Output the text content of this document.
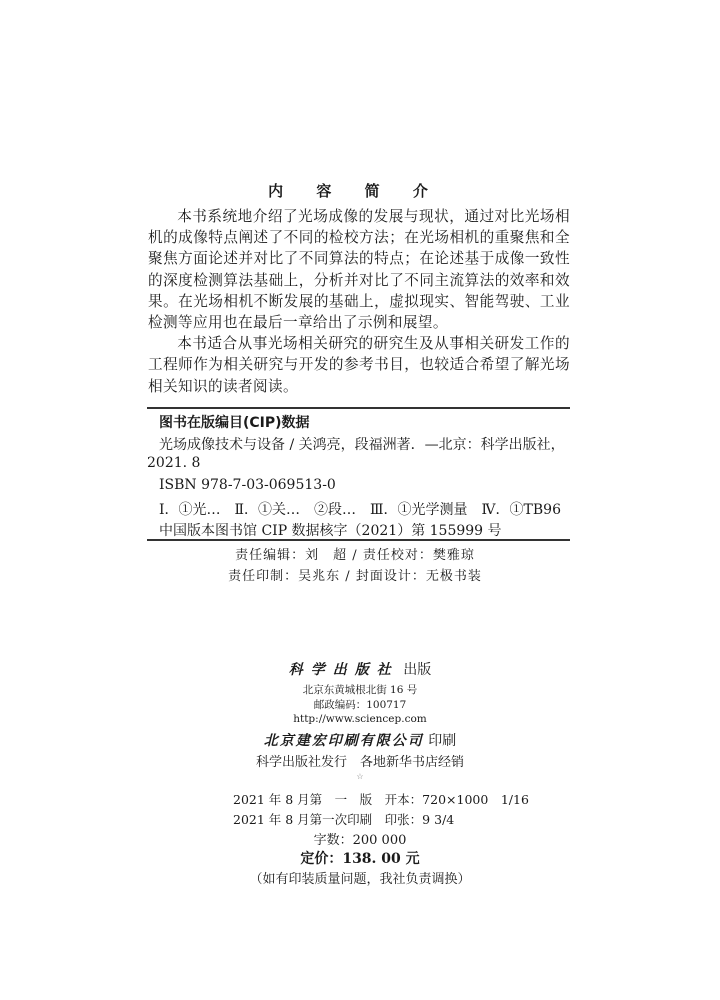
内 容 简 介

本书系统地介绍了光场成像的发展与现状，通过对比光场相机的成像特点阐述了不同的检校方法；在光场相机的重聚焦和全聚焦方面论述并对比了不同算法的特点；在论述基于成像一致性的深度检测算法基础上，分析并对比了不同主流算法的效率和效果。在光场相机不断发展的基础上，虚拟现实、智能驾驶、工业检测等应用也在最后一章给出了示例和展望。

本书适合从事光场相关研究的研究生及从事相关研发工作的工程师作为相关研究与开发的参考书目，也较适合希望了解光场相关知识的读者阅读。

图书在版编目(CIP)数据
光场成像技术与设备 / 关鸿亮，段福洲著．—北京：科学出版社，
2021. 8
ISBN 978-7-03-069513-0
Ⅰ．①光…　Ⅱ．①关…　②段…　Ⅲ．①光学测量　Ⅳ．①TB96
中国版本图书馆 CIP 数据核字（2021）第 155999 号
责任编辑：刘　超 / 责任校对：樊雅琼
责任印制：吴兆东 / 封面设计：无极书装
科学出版社 出版
北京东黄城根北街 16 号
邮政编码：100717
http://www.sciencep.com
北京建宏印刷有限公司 印刷
科学出版社发行　各地新华书店经销
☆
2021 年 8 月第　一　版　开本：720×1000　1/16
2021 年 8 月第一次印刷　印张：9 3/4
字数：200 000
定价：138. 00 元
（如有印装质量问题，我社负责调换）
